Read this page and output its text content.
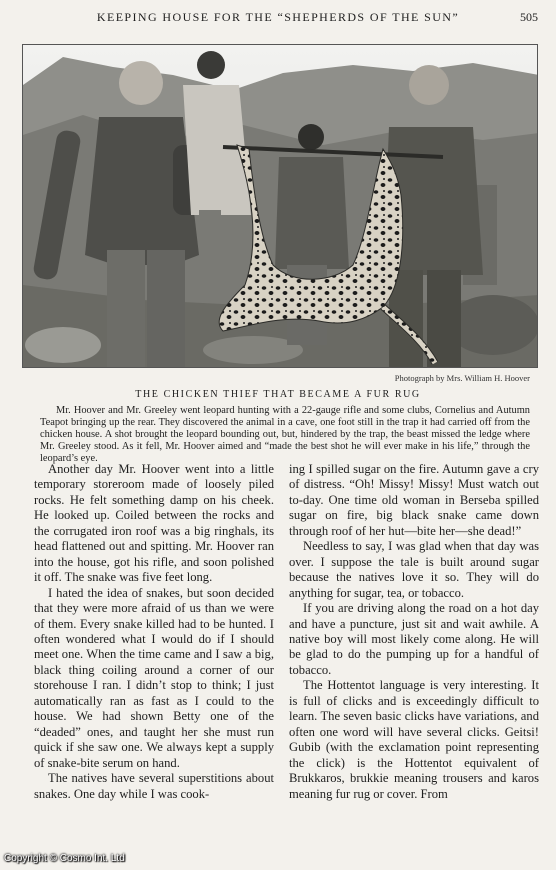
KEEPING HOUSE FOR THE “SHEPHERDS OF THE SUN”	505
Photograph by Mrs. William H. Hoover
THE CHICKEN THIEF THAT BECAME A FUR RUG

Mr. Hoover and Mr. Greeley went leopard hunting with a 22-gauge rifle and some clubs, Cornelius and Autumn Teapot bringing up the rear. They discovered the animal in a cave, one foot still in the trap it had carried off from the chicken house. A shot brought the leopard bounding out, but, hindered by the trap, the beast missed the ledge where Mr. Greeley stood. As it fell, Mr. Hoover aimed and “made the best shot he will ever make in his life,” through the leopard’s eye.

Another day Mr. Hoover went into a little temporary storeroom made of loosely piled rocks. He felt something damp on his cheek. He looked up. Coiled between the rocks and the corrugated iron roof was a big ringhals, its head flattened out and spitting. Mr. Hoover ran into the house, got his rifle, and soon polished it off. The snake was five feet long.

I hated the idea of snakes, but soon decided that they were more afraid of us than we were of them. Every snake killed had to be hunted. I often wondered what I would do if I should meet one. When the time came and I saw a big, black thing coiling around a corner of our storehouse I ran. I didn’t stop to think; I just automatically ran as fast as I could to the house. We had shown Betty one of the “deaded” ones, and taught her she must run quick if she saw one. We always kept a supply of snake-bite serum on hand.

The natives have several superstitions about snakes. One day while I was cook-

ing I spilled sugar on the fire. Autumn gave a cry of distress. “Oh! Missy! Missy! Must watch out to-day. One time old woman in Berseba spilled sugar on fire, big black snake came down through roof of her hut—bite her—she dead!”

Needless to say, I was glad when that day was over. I suppose the tale is built around sugar because the natives love it so. They will do anything for sugar, tea, or tobacco.

If you are driving along the road on a hot day and have a puncture, just sit and wait awhile. A native boy will most likely come along. He will be glad to do the pumping up for a handful of tobacco.

The Hottentot language is very interesting. It is full of clicks and is exceedingly difficult to learn. The seven basic clicks have variations, and often one word will have several clicks. Geitsi! Gubib (with the exclamation point representing the click) is the Hottentot equivalent of Brukkaros, brukkie meaning trousers and karos meaning fur rug or cover. From

Copyright © Cosmo Int. Ltd
